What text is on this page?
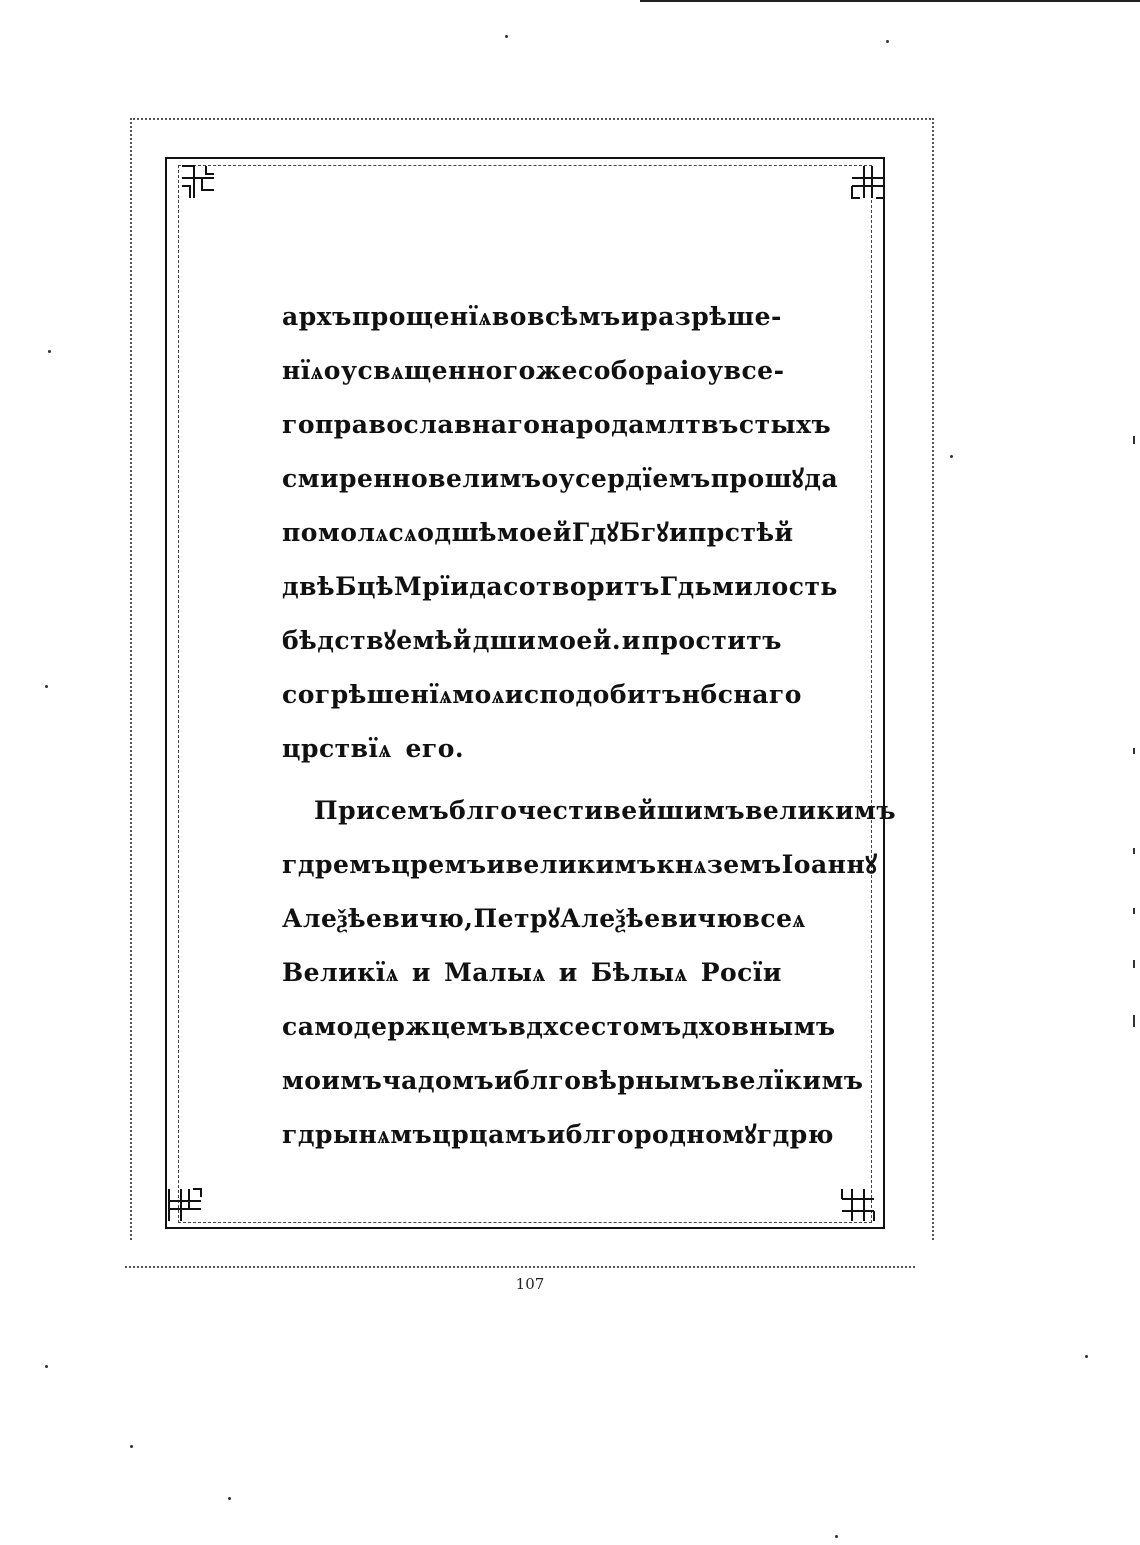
архъ прощенїѧ во всѣмъ и разрѣше-
нїѧ оу свѧщенного же собора і оу все-
го православнаго народа млтвъ стыхъ
смиренно велимъ оусердїемъ прошꙋ да
помолѧсѧ о дшѣ моей Гдꙋ Бгꙋ и прстѣй
двѣ Бцѣ Мрїи да сотворитъ Гдь милость
бѣдствꙋемѣй дши моей. и проститъ
согрѣшенїѧ моѧ и сподобитъ нбснаго
црствїѧ его.
При семъ блгочестивейшимъ великимъ
гдремъ цремъ и великимъ кнѧземъ Іоаннꙋ
Алеѯѣевичю, Петрꙋ Алеѯѣевичю всеѧ
Великїѧ и Малыѧ и Бѣлыѧ Росїи
самодержцемъ в дхсе стомъ дховнымъ
моимъ чадомъ и блговѣрнымъ велїкимъ
гдрынѧмъ црцамъ и блгородномꙋ гдрю
107
